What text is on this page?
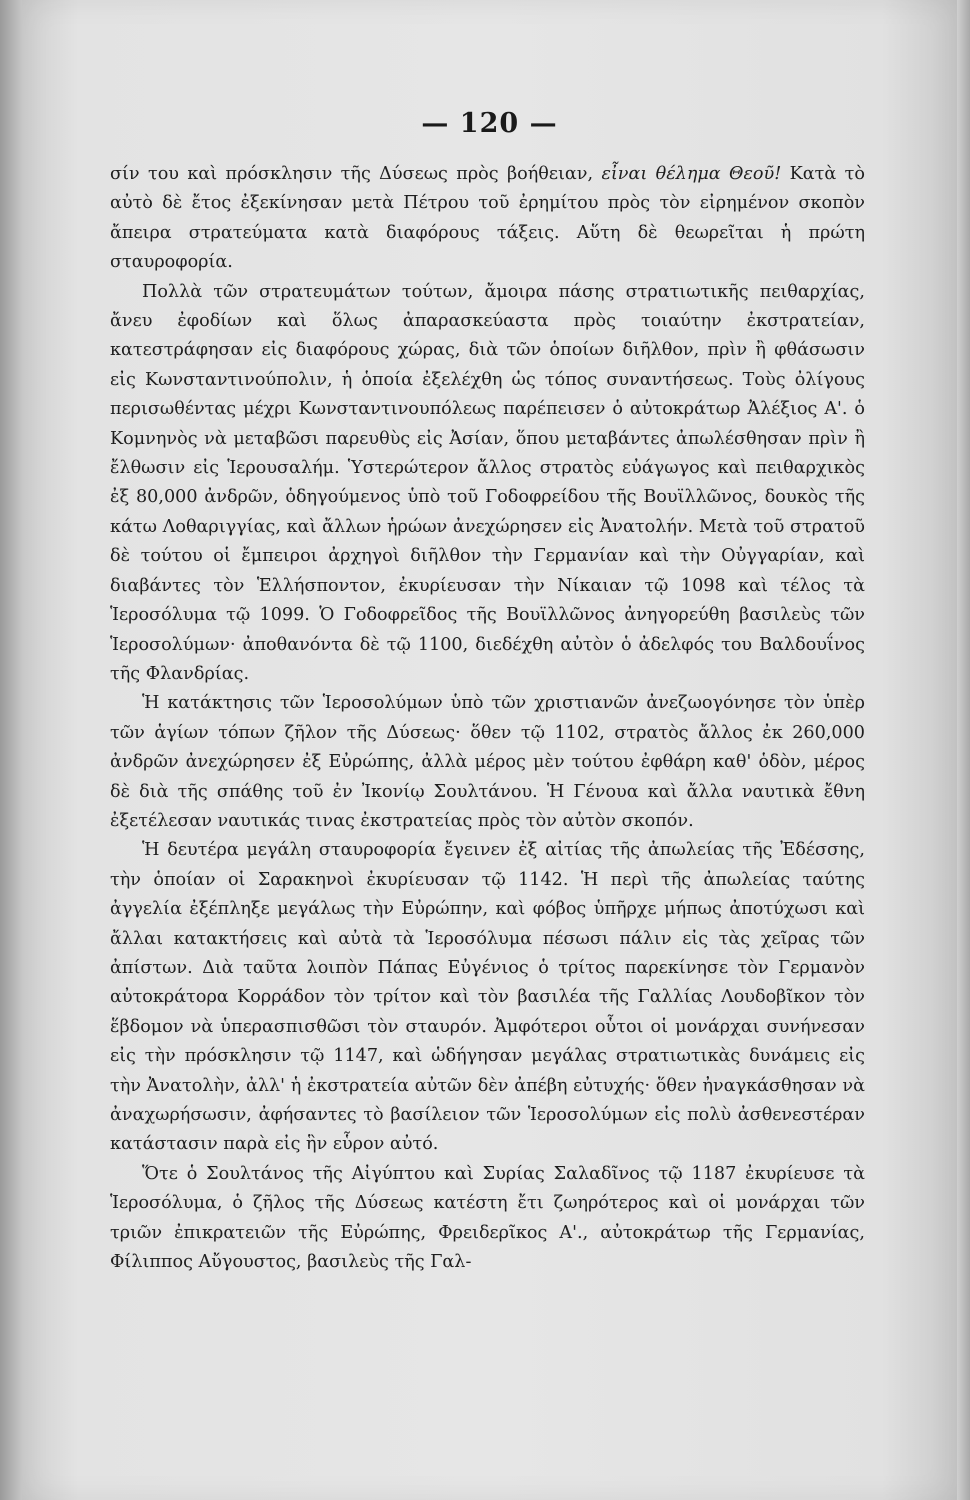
— 120 —

σίν του καὶ πρόσκλησιν τῆς Δύσεως πρὸς βοήθειαν, εἶναι θέλημα Θεοῦ! Κατὰ τὸ αὐτὸ δὲ ἔτος ἐξεκίνησαν μετὰ Πέτρου τοῦ ἐρημίτου πρὸς τὸν εἰρημένον σκοπὸν ἄπειρα στρατεύματα κατὰ διαφόρους τάξεις. Αὕτη δὲ θεωρεῖται ἡ πρώτη σταυροφορία.

Πολλὰ τῶν στρατευμάτων τούτων, ἄμοιρα πάσης στρατιωτικῆς πειθαρχίας, ἄνευ ἐφοδίων καὶ ὅλως ἀπαρασκεύαστα πρὸς τοιαύτην ἐκστρατείαν, κατεστράφησαν εἰς διαφόρους χώρας, διὰ τῶν ὁποίων διῆλθον, πρὶν ἢ φθάσωσιν εἰς Κωνσταντινούπολιν, ἡ ὁποία ἐξελέχθη ὡς τόπος συναντήσεως. Τοὺς ὀλίγους περισωθέντας μέχρι Κωνσταντινουπόλεως παρέπεισεν ὁ αὐτοκράτωρ Ἀλέξιος Α'. ὁ Κομνηνὸς νὰ μεταβῶσι παρευθὺς εἰς Ἀσίαν, ὅπου μεταβάντες ἀπωλέσθησαν πρὶν ἢ ἔλθωσιν εἰς Ἱερουσαλήμ. Ὑστερώτερον ἄλλος στρατὸς εὐάγωγος καὶ πειθαρχικὸς ἐξ 80,000 ἀνδρῶν, ὁδηγούμενος ὑπὸ τοῦ Γοδοφρείδου τῆς Βουϊλλῶνος, δουκὸς τῆς κάτω Λοθαριγγίας, καὶ ἄλλων ἡρώων ἀνεχώρησεν εἰς Ἀνατολήν. Μετὰ τοῦ στρατοῦ δὲ τούτου οἱ ἔμπειροι ἀρχηγοὶ διῆλθον τὴν Γερμανίαν καὶ τὴν Οὐγγαρίαν, καὶ διαβάντες τὸν Ἑλλήσποντον, ἐκυρίευσαν τὴν Νίκαιαν τῷ 1098 καὶ τέλος τὰ Ἱεροσόλυμα τῷ 1099. Ὁ Γοδοφρεῖδος τῆς Βουϊλλῶνος ἀνηγορεύθη βασιλεὺς τῶν Ἱεροσολύμων· ἀποθανόντα δὲ τῷ 1100, διεδέχθη αὐτὸν ὁ ἀδελφός του Βαλδουΐνος τῆς Φλανδρίας.

Ἡ κατάκτησις τῶν Ἱεροσολύμων ὑπὸ τῶν χριστιανῶν ἀνεζωογόνησε τὸν ὑπὲρ τῶν ἁγίων τόπων ζῆλον τῆς Δύσεως· ὅθεν τῷ 1102, στρατὸς ἄλλος ἐκ 260,000 ἀνδρῶν ἀνεχώρησεν ἐξ Εὐρώπης, ἀλλὰ μέρος μὲν τούτου ἐφθάρη καθ' ὁδὸν, μέρος δὲ διὰ τῆς σπάθης τοῦ ἐν Ἰκονίῳ Σουλτάνου. Ἡ Γένουα καὶ ἄλλα ναυτικὰ ἔθνη ἐξετέλεσαν ναυτικάς τινας ἐκστρατείας πρὸς τὸν αὐτὸν σκοπόν.

Ἡ δευτέρα μεγάλη σταυροφορία ἔγεινεν ἐξ αἰτίας τῆς ἀπωλείας τῆς Ἐδέσσης, τὴν ὁποίαν οἱ Σαρακηνοὶ ἐκυρίευσαν τῷ 1142. Ἡ περὶ τῆς ἀπωλείας ταύτης ἀγγελία ἐξέπληξε μεγάλως τὴν Εὐρώπην, καὶ φόβος ὑπῆρχε μήπως ἀποτύχωσι καὶ ἄλλαι κατακτήσεις καὶ αὐτὰ τὰ Ἱεροσόλυμα πέσωσι πάλιν εἰς τὰς χεῖρας τῶν ἀπίστων. Διὰ ταῦτα λοιπὸν Πάπας Εὐγένιος ὁ τρίτος παρεκίνησε τὸν Γερμανὸν αὐτοκράτορα Κορράδον τὸν τρίτον καὶ τὸν βασιλέα τῆς Γαλλίας Λουδοβῖκον τὸν ἕβδομον νὰ ὑπερασπισθῶσι τὸν σταυρόν. Ἀμφότεροι οὗτοι οἱ μονάρχαι συνήνεσαν εἰς τὴν πρόσκλησιν τῷ 1147, καὶ ὡδήγησαν μεγάλας στρατιωτικὰς δυνάμεις εἰς τὴν Ἀνατολὴν, ἀλλ' ἡ ἐκστρατεία αὐτῶν δὲν ἀπέβη εὐτυχής· ὅθεν ἠναγκάσθησαν νὰ ἀναχωρήσωσιν, ἀφήσαντες τὸ βασίλειον τῶν Ἱεροσολύμων εἰς πολὺ ἀσθενεστέραν κατάστασιν παρὰ εἰς ἣν εὗρον αὐτό.

Ὅτε ὁ Σουλτάνος τῆς Αἰγύπτου καὶ Συρίας Σαλαδῖνος τῷ 1187 ἐκυρίευσε τὰ Ἱεροσόλυμα, ὁ ζῆλος τῆς Δύσεως κατέστη ἔτι ζωηρότερος καὶ οἱ μονάρχαι τῶν τριῶν ἐπικρατειῶν τῆς Εὐρώπης, Φρειδερῖκος Α'., αὐτοκράτωρ τῆς Γερμανίας, Φίλιππος Αὔγουστος, βασιλεὺς τῆς Γαλ-
